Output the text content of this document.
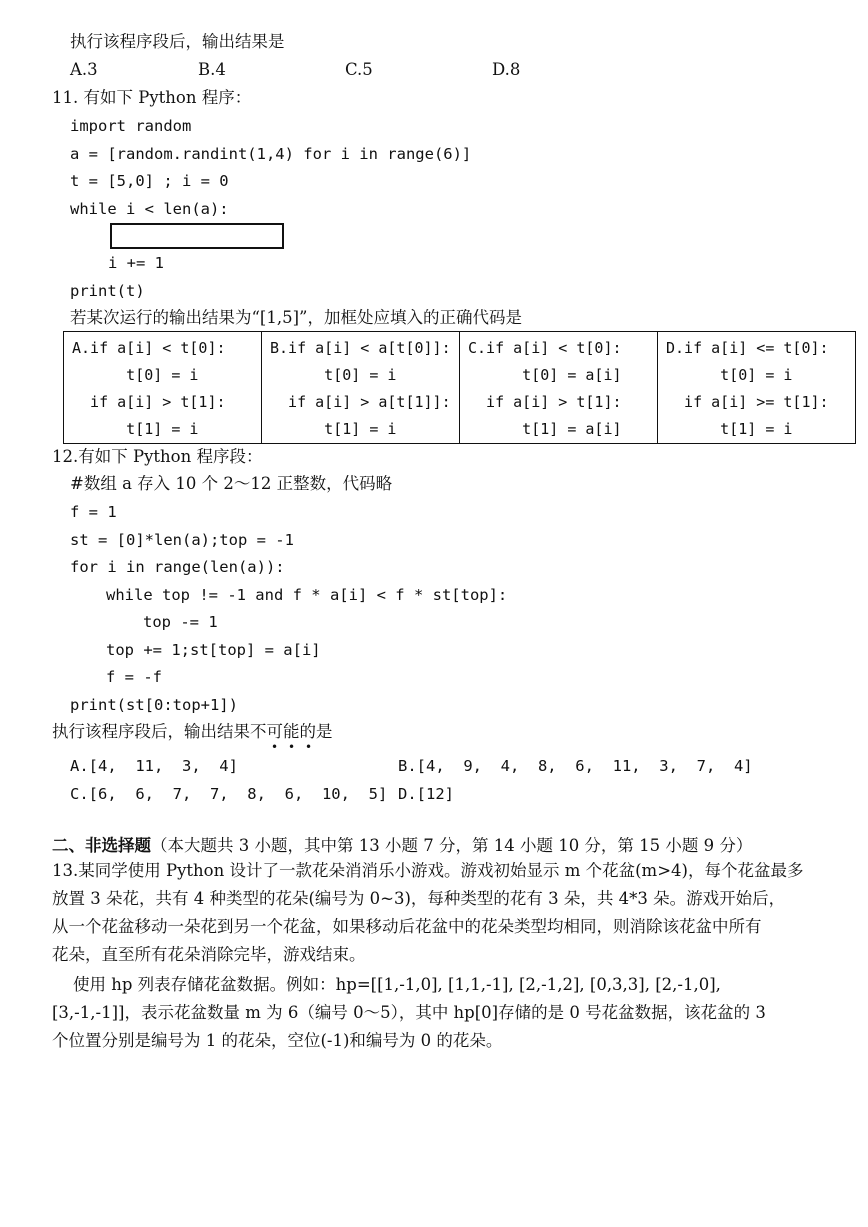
执行该程序段后，输出结果是
A.3	B.4	C.5	D.8
11. 有如下 Python 程序：
import random
a = [random.randint(1,4) for i in range(6)]
t = [5,0] ; i = 0
while i < len(a):
i += 1
print(t)
若某次运行的输出结果为“[1,5]”，加框处应填入的正确代码是
A.if a[i] < t[0]:
t[0] = i
if a[i] > t[1]:
t[1] = i

B.if a[i] < a[t[0]]:
t[0] = i
if a[i] > a[t[1]]:
t[1] = i

C.if a[i] < t[0]:
t[0] = a[i]
if a[i] > t[1]:
t[1] = a[i]

D.if a[i] <= t[0]:
t[0] = i
if a[i] >= t[1]:
t[1] = i
12.有如下 Python 程序段：
#数组 a 存入 10 个 2～12 正整数，代码略
f = 1
st = [0]*len(a);top = -1
for i in range(len(a)):
while top != -1 and f * a[i] < f * st[top]:
top -= 1
top += 1;st[top] = a[i]
f = -f
print(st[0:top+1])
执行该程序段后，输出结果不可能的是
• • •
A.[4,  11,  3,  4]	B.[4,  9,  4,  8,  6,  11,  3,  7,  4]
C.[6,  6,  7,  7,  8,  6,  10,  5] D.[12]
二、非选择题（本大题共 3 小题，其中第 13 小题 7 分，第 14 小题 10 分，第 15 小题 9 分）
13.某同学使用 Python 设计了一款花朵消消乐小游戏。游戏初始显示 m 个花盆(m>4)，每个花盆最多
放置 3 朵花，共有 4 种类型的花朵(编号为 0~3)，每种类型的花有 3 朵，共 4*3 朵。游戏开始后，
从一个花盆移动一朵花到另一个花盆，如果移动后花盆中的花朵类型均相同，则消除该花盆中所有
花朵，直至所有花朵消除完毕，游戏结束。
使用 hp 列表存储花盆数据。例如：hp=[[1,-1,0], [1,1,-1], [2,-1,2], [0,3,3], [2,-1,0],
[3,-1,-1]]，表示花盆数量 m 为 6（编号 0～5），其中 hp[0]存储的是 0 号花盆数据，该花盆的 3
个位置分别是编号为 1 的花朵，空位(-1)和编号为 0 的花朵。
